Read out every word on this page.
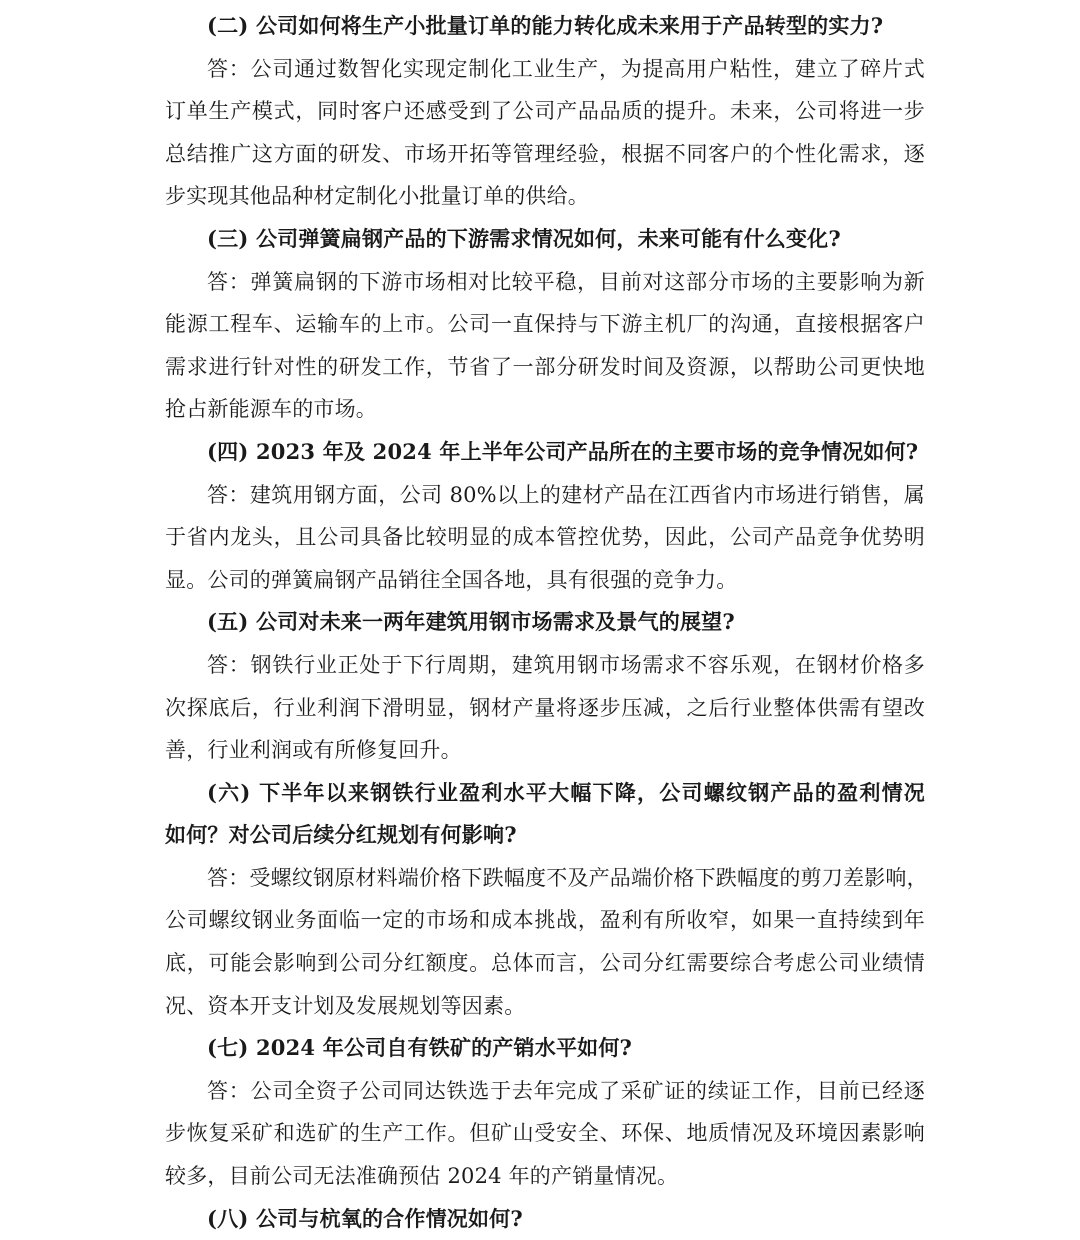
(二) 公司如何将生产小批量订单的能力转化成未来用于产品转型的实力?
答：公司通过数智化实现定制化工业生产，为提高用户粘性，建立了碎片式
订单生产模式，同时客户还感受到了公司产品品质的提升。未来，公司将进一步
总结推广这方面的研发、市场开拓等管理经验，根据不同客户的个性化需求，逐
步实现其他品种材定制化小批量订单的供给。
(三) 公司弹簧扁钢产品的下游需求情况如何，未来可能有什么变化?
答：弹簧扁钢的下游市场相对比较平稳，目前对这部分市场的主要影响为新
能源工程车、运输车的上市。公司一直保持与下游主机厂的沟通，直接根据客户
需求进行针对性的研发工作，节省了一部分研发时间及资源，以帮助公司更快地
抢占新能源车的市场。
(四) 2023 年及 2024 年上半年公司产品所在的主要市场的竞争情况如何?
答：建筑用钢方面，公司 80%以上的建材产品在江西省内市场进行销售，属
于省内龙头，且公司具备比较明显的成本管控优势，因此，公司产品竞争优势明
显。公司的弹簧扁钢产品销往全国各地，具有很强的竞争力。
(五) 公司对未来一两年建筑用钢市场需求及景气的展望?
答：钢铁行业正处于下行周期，建筑用钢市场需求不容乐观，在钢材价格多
次探底后，行业利润下滑明显，钢材产量将逐步压减，之后行业整体供需有望改
善，行业利润或有所修复回升。
(六) 下半年以来钢铁行业盈利水平大幅下降，公司螺纹钢产品的盈利情况
如何？对公司后续分红规划有何影响?
答：受螺纹钢原材料端价格下跌幅度不及产品端价格下跌幅度的剪刀差影响，
公司螺纹钢业务面临一定的市场和成本挑战，盈利有所收窄，如果一直持续到年
底，可能会影响到公司分红额度。总体而言，公司分红需要综合考虑公司业绩情
况、资本开支计划及发展规划等因素。
(七) 2024 年公司自有铁矿的产销水平如何?
答：公司全资子公司同达铁选于去年完成了采矿证的续证工作，目前已经逐
步恢复采矿和选矿的生产工作。但矿山受安全、环保、地质情况及环境因素影响
较多，目前公司无法准确预估 2024 年的产销量情况。
(八) 公司与杭氧的合作情况如何?
